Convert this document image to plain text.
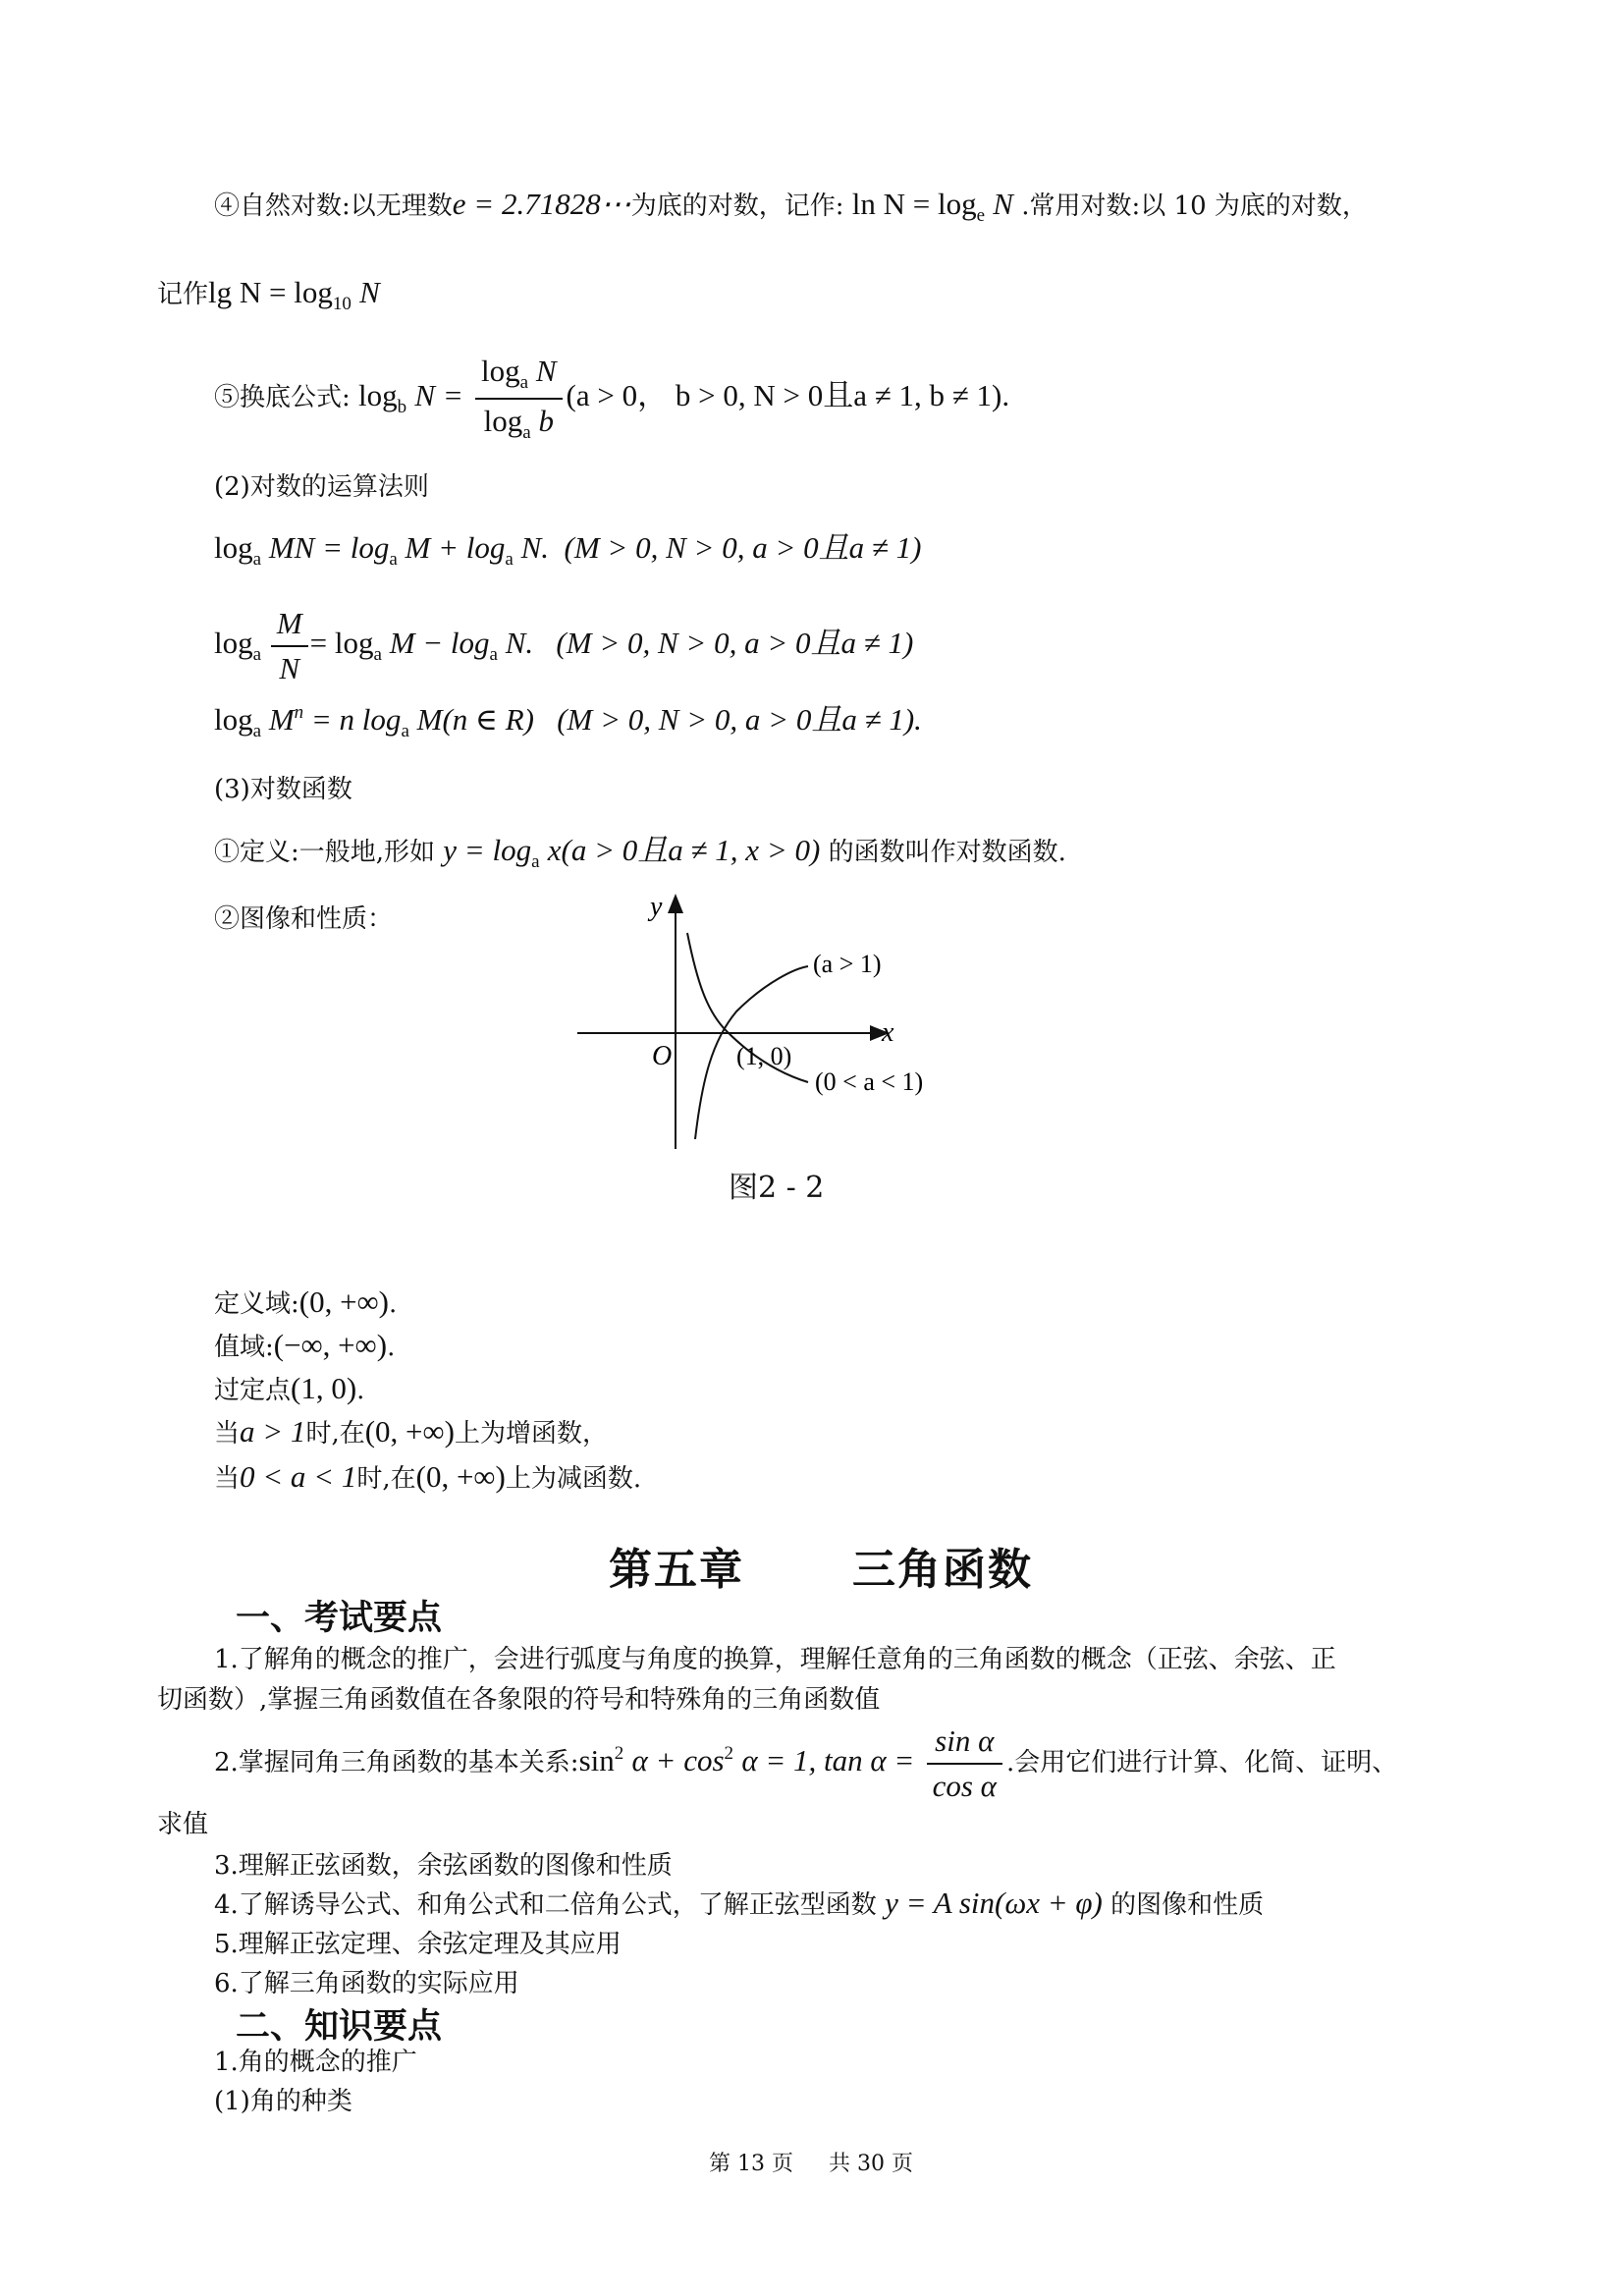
④自然对数:以无理数e = 2.71828⋯为底的对数，记作: $\ln N = \log_e N$ .常用对数:以 10 为底的对数，
记作$\lg N = \log_{10} N$
⑤换底公式: $\log_b N = \frac{\log_a N}{\log_a b} (a > 0$， b > 0, N > 0且a ≠ 1, b ≠ 1).
(2)对数的运算法则
$\log_a$ MN = $\log_a M + \log_a N$. (M > 0, N > 0, a > 0且a ≠ 1)
$\log_a \frac{M}{N} = \log_a M - \log_a N$. (M > 0, N > 0, a > 0且a ≠ 1)
$\log_a M^n = n$ $\log_a M(n$ ∈ R) (M > 0, N > 0, a > 0且a ≠ 1).
(3)对数函数
①定义:一般地,形如 $y = \log_a x(a > 0$且a ≠ 1, x > 0) 的函数叫作对数函数.
②图像和性质：	y
x
O	(1, 0)
(a > 1)
(0 < a < 1)
图2 - 2
定义域:(0, +∞).
值域:(−∞, +∞).
过定点(1, 0).
当a > 1时,在(0, +∞)上为增函数，
当0 < a < 1时,在(0, +∞)上为减函数.
第五章	三角函数
一、考试要点
1.了解角的概念的推广，会进行弧度与角度的换算，理解任意角的三角函数的概念（正弦、余弦、正
切函数）,掌握三角函数值在各象限的符号和特殊角的三角函数值
2.掌握同角三角函数的基本关系$:\sin^2$ $\alpha + \cos^2 \alpha = 1$, $\tan \alpha = \frac{\text{sin α}}{\text{cos α}}$ .会用它们进行计算、化简、证明、
求值
3.理解正弦函数，余弦函数的图像和性质
4.了解诱导公式、和角公式和二倍角公式，了解正弦型函数 y = A sin(ωx + φ) 的图像和性质
5.理解正弦定理、余弦定理及其应用
6.了解三角函数的实际应用
二、知识要点
1.角的概念的推广
(1)角的种类
第 13 页 共 30 页
